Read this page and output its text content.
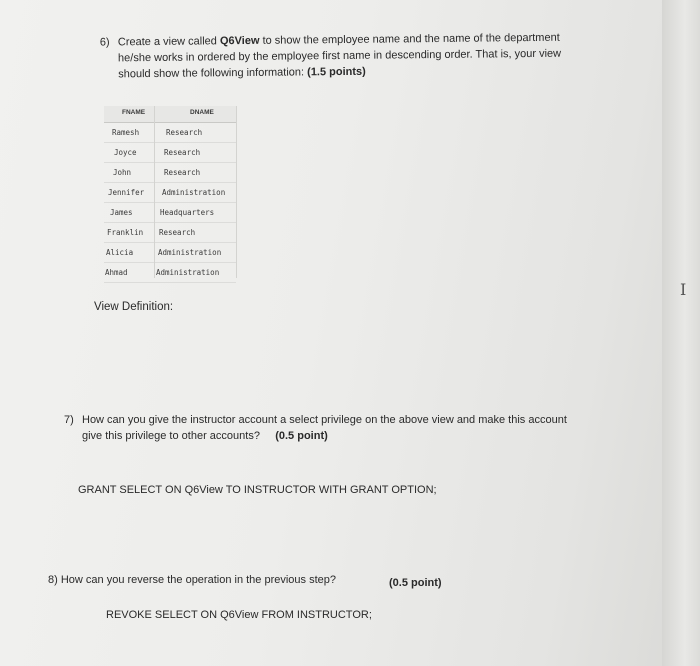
6) Create a view called Q6View to show the employee name and the name of the department he/she works in ordered by the employee first name in descending order. That is, your view should show the following information: (1.5 points)
FNAME	DNAME
Ramesh	Research
Joyce	Research
John	Research
Jennifer Administration
James	Headquarters
Franklin Research
Alicia	Administration
Ahmad	Administration
View Definition:
7) How can you give the instructor account a select privilege on the above view and make this account give this privilege to other accounts? (0.5 point)
GRANT SELECT ON Q6View TO INSTRUCTOR WITH GRANT OPTION;
8) How can you reverse the operation in the previous step?	(0.5 point)
REVOKE SELECT ON Q6View FROM INSTRUCTOR;
I
